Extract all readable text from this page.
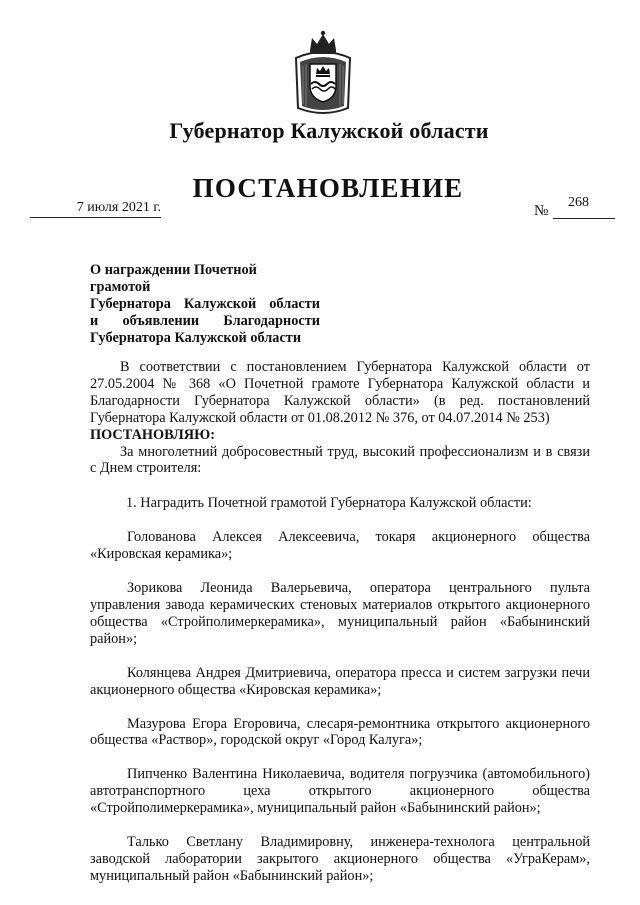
Губернатор Калужской области
ПОСТАНОВЛЕНИЕ
7 июля 2021 г.	№
268
О награждении Почетной грамотой
Губернатора Калужской области
и объявлении Благодарности
Губернатора Калужской области

В соответствии с постановлением Губернатора Калужской области от 27.05.2004 № 368 «О Почетной грамоте Губернатора Калужской области и Благодарности Губернатора Калужской области» (в ред. постановлений Губернатора Калужской области от 01.08.2012 № 376, от 04.07.2014 № 253)

ПОСТАНОВЛЯЮ:

За многолетний добросовестный труд, высокий профессионализм и в связи с Днем строителя:

1. Наградить Почетной грамотой Губернатора Калужской области:

Голованова Алексея Алексеевича, токаря акционерного общества «Кировская керамика»;

Зорикова Леонида Валерьевича, оператора центрального пульта управления завода керамических стеновых материалов открытого акционерного общества «Стройполимеркерамика», муниципальный район «Бабынинский район»;

Колянцева Андрея Дмитриевича, оператора пресса и систем загрузки печи акционерного общества «Кировская керамика»;

Мазурова Егора Егоровича, слесаря-ремонтника открытого акционерного общества «Раствор», городской округ «Город Калуга»;

Пипченко Валентина Николаевича, водителя погрузчика (автомобильного) автотранспортного цеха открытого акционерного общества «Стройполимеркерамика», муниципальный район «Бабынинский район»;

Талько Светлану Владимировну, инженера-технолога центральной заводской лаборатории закрытого акционерного общества «УграКерам», муниципальный район «Бабынинский район»;
